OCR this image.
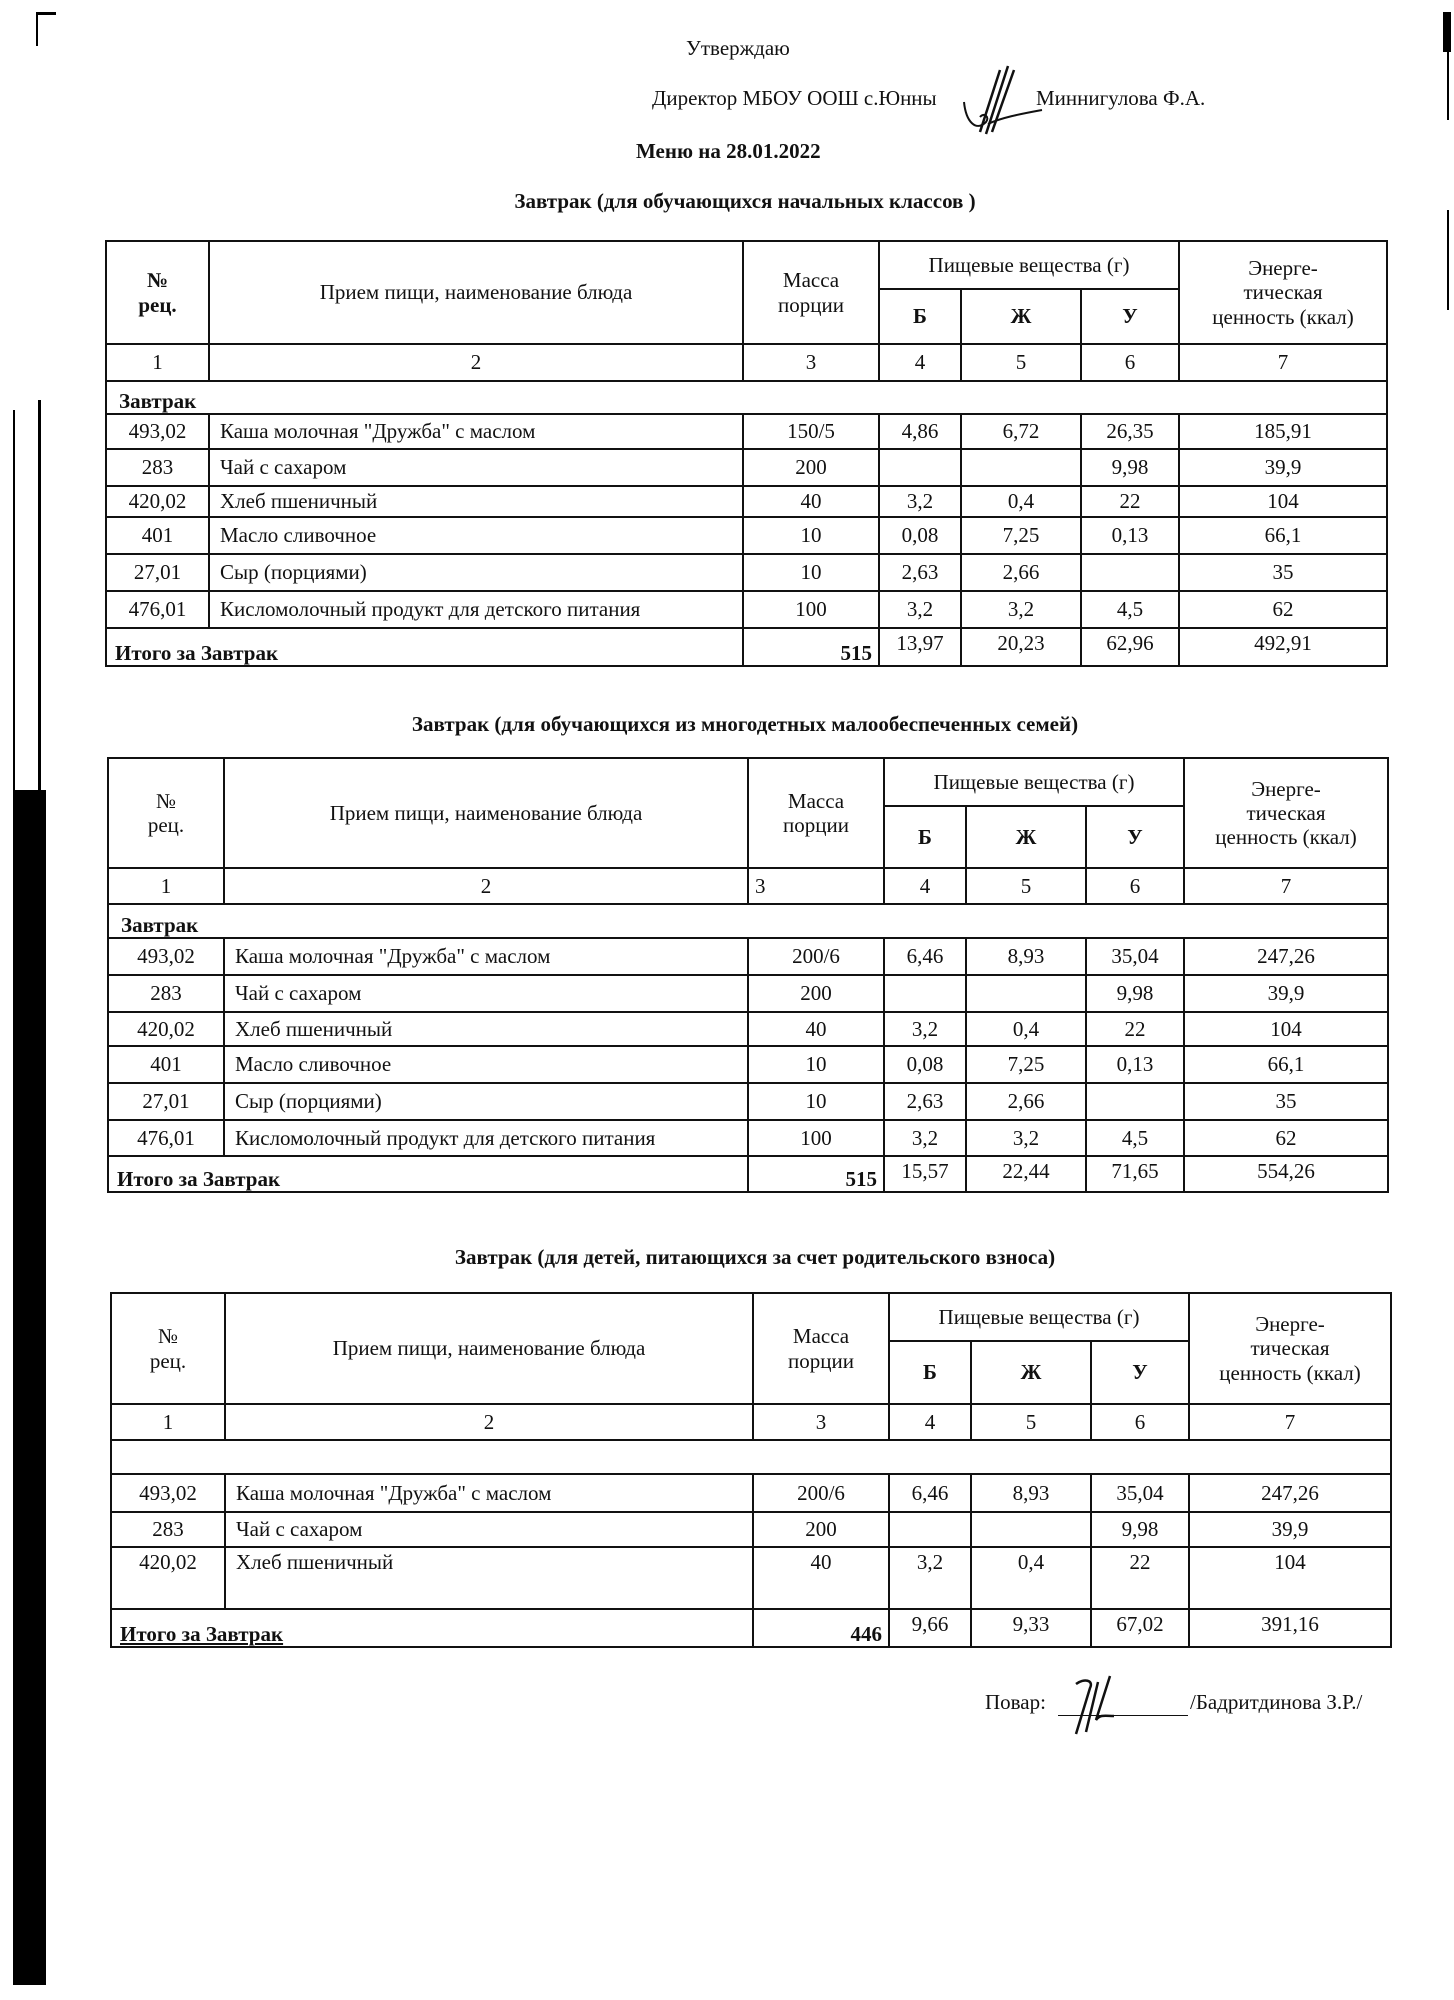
Утверждаю
Директор МБОУ ООШ с.Юнны	Миннигулова Ф.А.
Меню на 28.01.2022
Завтрак (для обучающихся начальных классов )
№
рец.	Прием пищи, наименование блюда	Масса
порции	Пищевые вещества (г)			Энерге-
тическая
ценность (ккал)
			Б	Ж	У	
1	2	3	4	5	6	7
Завтрак						
493,02	Каша молочная "Дружба" с маслом	150/5	4,86	6,72	26,35	185,91
283	Чай с сахаром	200			9,98	39,9
420,02	Хлеб пшеничный	40	3,2	0,4	22	104
401	Масло сливочное	10	0,08	7,25	0,13	66,1
27,01	Сыр (порциями)	10	2,63	2,66		35
476,01	Кисломолочный продукт для детского питания	100	3,2	3,2	4,5	62
Итого за Завтрак		515	13,97	20,23	62,96	492,91
Завтрак (для обучающихся из многодетных малообеспеченных семей)
№
рец.	Прием пищи, наименование блюда	Масса
порции	Пищевые вещества (г)			Энерге-
тическая
ценность (ккал)
			Б	Ж	У	
1	2	3	4	5	6	7
Завтрак						
493,02	Каша молочная "Дружба" с маслом	200/6	6,46	8,93	35,04	247,26
283	Чай с сахаром	200			9,98	39,9
420,02	Хлеб пшеничный	40	3,2	0,4	22	104
401	Масло сливочное	10	0,08	7,25	0,13	66,1
27,01	Сыр (порциями)	10	2,63	2,66		35
476,01	Кисломолочный продукт для детского питания	100	3,2	3,2	4,5	62
Итого за Завтрак		515	15,57	22,44	71,65	554,26
Завтрак (для детей, питающихся за счет родительского взноса)
№
рец.	Прием пищи, наименование блюда	Масса
порции	Пищевые вещества (г)			Энерге-
тическая
ценность (ккал)
			Б	Ж	У	
1	2	3	4	5	6	7

493,02	Каша молочная "Дружба" с маслом	200/6	6,46	8,93	35,04	247,26
283	Чай с сахаром	200			9,98	39,9
420,02	Хлеб пшеничный	40	3,2	0,4	22	104
Итого за Завтрак		446	9,66	9,33	67,02	391,16
Повар:	/Бадритдинова З.Р./
